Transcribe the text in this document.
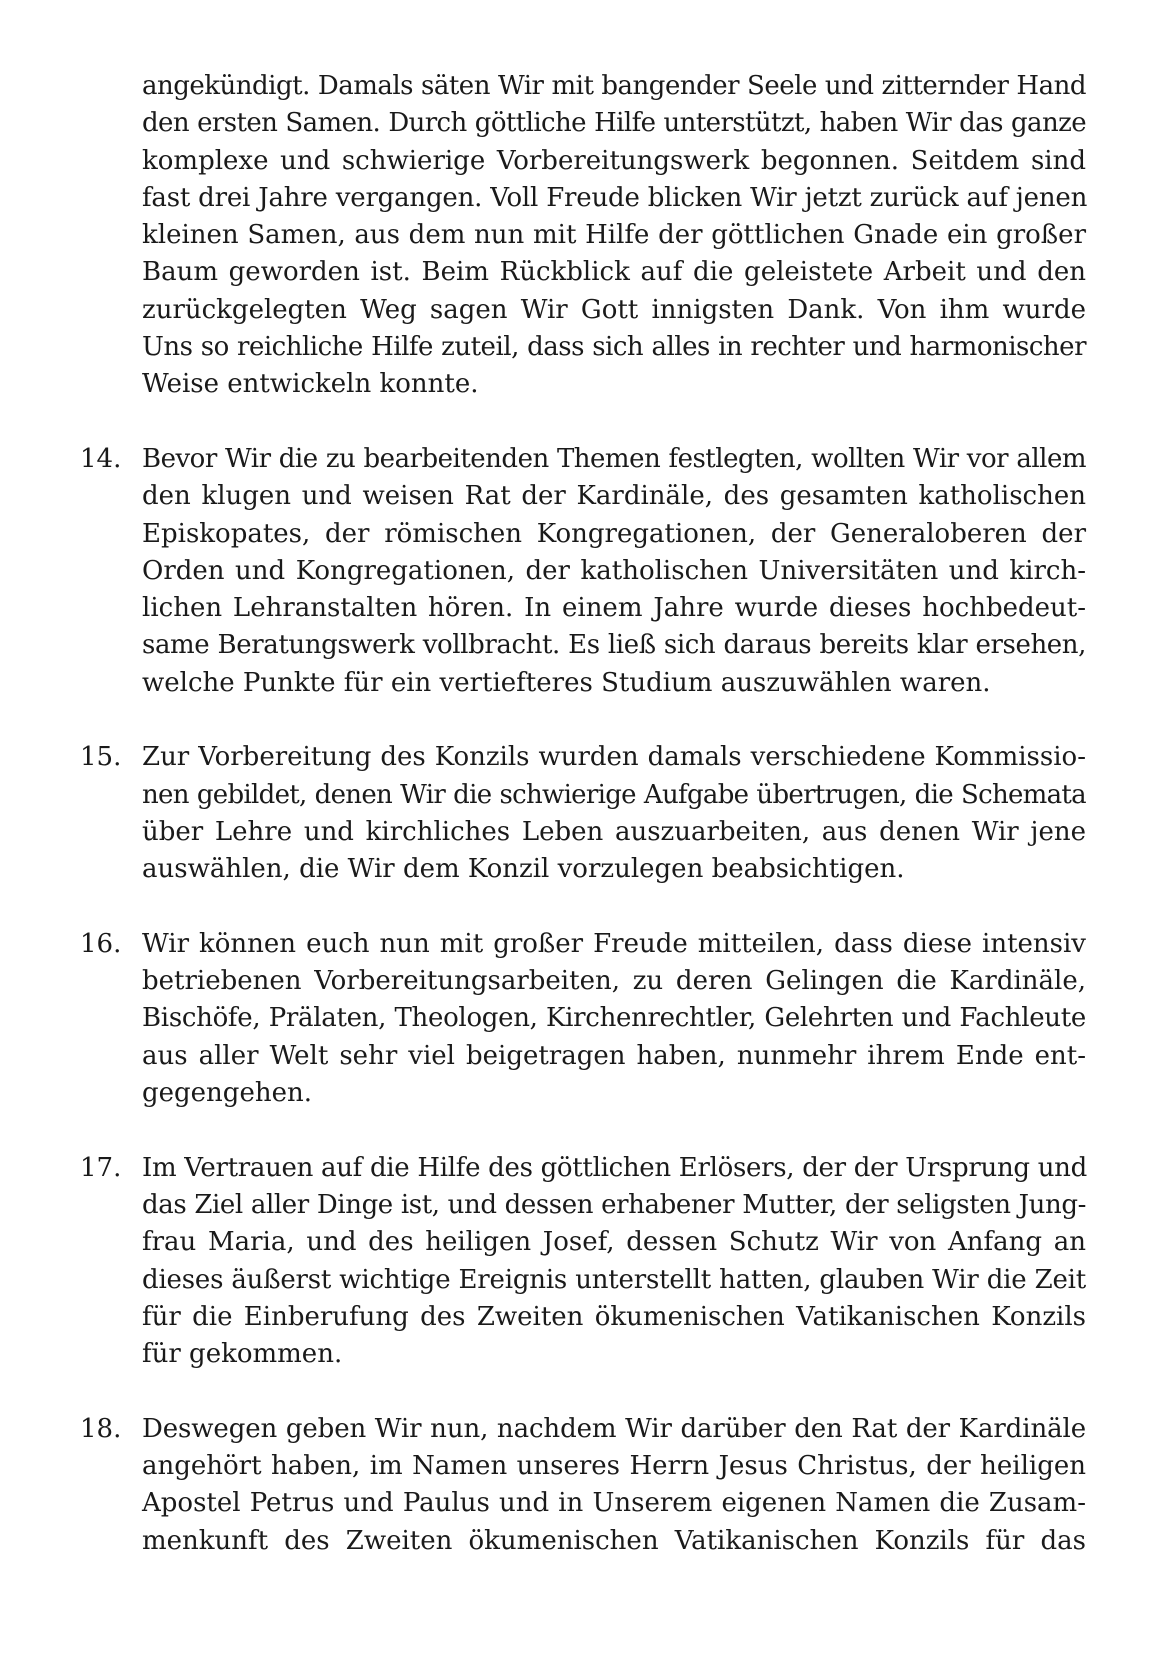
angekündigt. Damals säten Wir mit bangender Seele und zitternder Hand
den ersten Samen. Durch göttliche Hilfe unterstützt, haben Wir das ganze
komplexe und schwierige Vorbereitungswerk begonnen. Seitdem sind
fast drei Jahre vergangen. Voll Freude blicken Wir jetzt zurück auf jenen
kleinen Samen, aus dem nun mit Hilfe der göttlichen Gnade ein großer
Baum geworden ist. Beim Rückblick auf die geleistete Arbeit und den
zurückgelegten Weg sagen Wir Gott innigsten Dank. Von ihm wurde
Uns so reichliche Hilfe zuteil, dass sich alles in rechter und harmonischer
Weise entwickeln konnte.
14. Bevor Wir die zu bearbeitenden Themen festlegten, wollten Wir vor allem
den klugen und weisen Rat der Kardinäle, des gesamten katholischen
Episkopates, der römischen Kongregationen, der Generaloberen der
Orden und Kongregationen, der katholischen Universitäten und kirch-
lichen Lehranstalten hören. In einem Jahre wurde dieses hochbedeut-
same Beratungswerk vollbracht. Es ließ sich daraus bereits klar ersehen,
welche Punkte für ein vertiefteres Studium auszuwählen waren.
15. Zur Vorbereitung des Konzils wurden damals verschiedene Kommissio-
nen gebildet, denen Wir die schwierige Aufgabe übertrugen, die Schemata
über Lehre und kirchliches Leben auszuarbeiten, aus denen Wir jene
auswählen, die Wir dem Konzil vorzulegen beabsichtigen.
16. Wir können euch nun mit großer Freude mitteilen, dass diese intensiv
betriebenen Vorbereitungsarbeiten, zu deren Gelingen die Kardinäle,
Bischöfe, Prälaten, Theologen, Kirchenrechtler, Gelehrten und Fachleute
aus aller Welt sehr viel beigetragen haben, nunmehr ihrem Ende ent-
gegengehen.
17. Im Vertrauen auf die Hilfe des göttlichen Erlösers, der der Ursprung und
das Ziel aller Dinge ist, und dessen erhabener Mutter, der seligsten Jung-
frau Maria, und des heiligen Josef, dessen Schutz Wir von Anfang an
dieses äußerst wichtige Ereignis unterstellt hatten, glauben Wir die Zeit
für die Einberufung des Zweiten ökumenischen Vatikanischen Konzils
für gekommen.
18. Deswegen geben Wir nun, nachdem Wir darüber den Rat der Kardinäle
angehört haben, im Namen unseres Herrn Jesus Christus, der heiligen
Apostel Petrus und Paulus und in Unserem eigenen Namen die Zusam-
menkunft des Zweiten ökumenischen Vatikanischen Konzils für das
